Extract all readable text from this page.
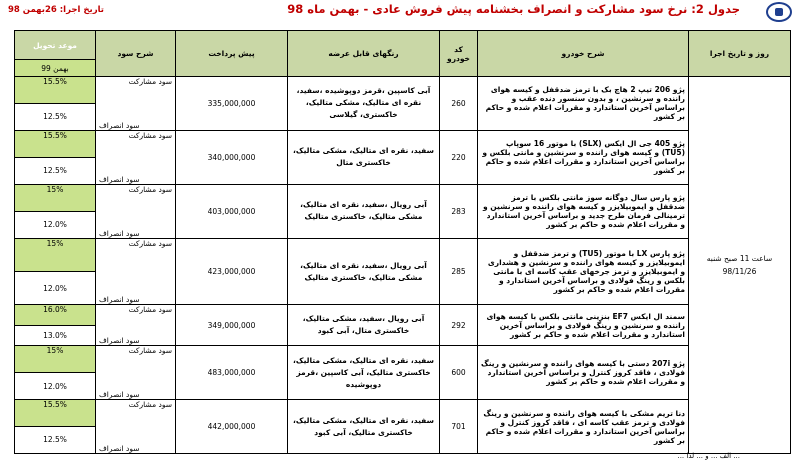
جدول 2: نرخ سود مشارکت و انصراف بخشنامه پیش فروش عادی - بهمن ماه 98
تاریخ اجرا: 26بهمن 98
روز و تاریخ اجرا	شرح خودرو	کد خودرو	رنگهای قابل عرضه	پیش پرداخت	شرح سود	موعد تحویل
						بهمن 99

ساعت 11 صبح شنبه
98/11/26	پژو 206 تیپ 2 هاچ بک با ترمز ضدقفل و کیسه هوای راننده و سرنشین ، و بدون سنسور دنده عقب و براساس آخرین استاندارد و مقررات اعلام شده و حاکم بر کشور	260	آبی کاسپین ،قرمز دوپوشیده ،سفید، نقره ای متالیک، مشکی متالیک، خاکستری، گیلاسی	335,000,000	سود مشارکت	15.5%
					سود انصراف	12.5%
	پژو 405 جی ال ایکس (SLX) با موتور 16 سوپاپ (TU5) و کیسه هوای راننده و سرنشین و مانتی بلکس و براساس آخرین استاندارد و مقررات اعلام شده و حاکم بر کشور	220	سفید، نقره ای متالیک، مشکی متالیک، خاکستری متال	340,000,000	سود مشارکت	15.5%
					سود انصراف	12.5%
	پژو پارس سال دوگانه سوز مانتی بلکس با ترمز ضدقفل و ایموبیلایزر و کیسه هوای راننده و سرنشین و ترمینالی فرمان طرح جدید و براساس آخرین استاندارد و مقررات اعلام شده و حاکم بر کشور	283	آبی رویال ،سفید، نقره ای متالیک، مشکی متالیک، خاکستری متالیک	403,000,000	سود مشارکت	15%
					سود انصراف	12.0%
	پژو پارس LX با موتور (TU5) و ترمز ضدقفل و ایموبیلایزر و کیسه هوای راننده و سرنشین و هشداری و ایموبیلایزر و ترمز جرخهای عقب کاسه ای با مانتی بلکس و رینگ فولادی و براساس آخرین استاندارد و مقررات اعلام شده و حاکم بر کشور	285	آبی رویال ،سفید، نقره ای متالیک، مشکی متالیک، خاکستری متالیک	423,000,000	سود مشارکت	15%
					سود انصراف	12.0%
	سمند ال ایکس EF7 بنزینی مانتی بلکس با کیسه هوای راننده و سرنشین و رینگ فولادی و براساس آخرین استاندارد و مقررات اعلام شده و حاکم بر کشور	292	آبی رویال ،سفید، مشکی متالیک، خاکستری متال، آبی کبود	349,000,000	سود مشارکت	16.0%
					سود انصراف	13.0%
	پژو 207i دستی با کیسه هوای راننده و سرنشین و رینگ فولادی ، فاقد کروز کنترل و براساس آخرین استاندارد و مقررات اعلام شده و حاکم بر کشور	600	سفید، نقره ای متالیک، مشکی متالیک، خاکستری متالیک، آبی کاسپین ،قرمز دوپوشیده	483,000,000	سود مشارکت	15%
					سود انصراف	12.0%
	دنا تریم مشکی با کیسه هوای راننده و سرنشین و رینگ فولادی و ترمز عقب کاسه ای ، فاقد کروز کنترل و براساس آخرین استاندارد و مقررات اعلام شده و حاکم بر کشور	701	سفید، نقره ای متالیک، مشکی متالیک، خاکستری متالیک، آبی کبود	442,000,000	سود مشارکت	15.5%
					سود انصراف	12.5%
... الف ... و ... لذا ...
